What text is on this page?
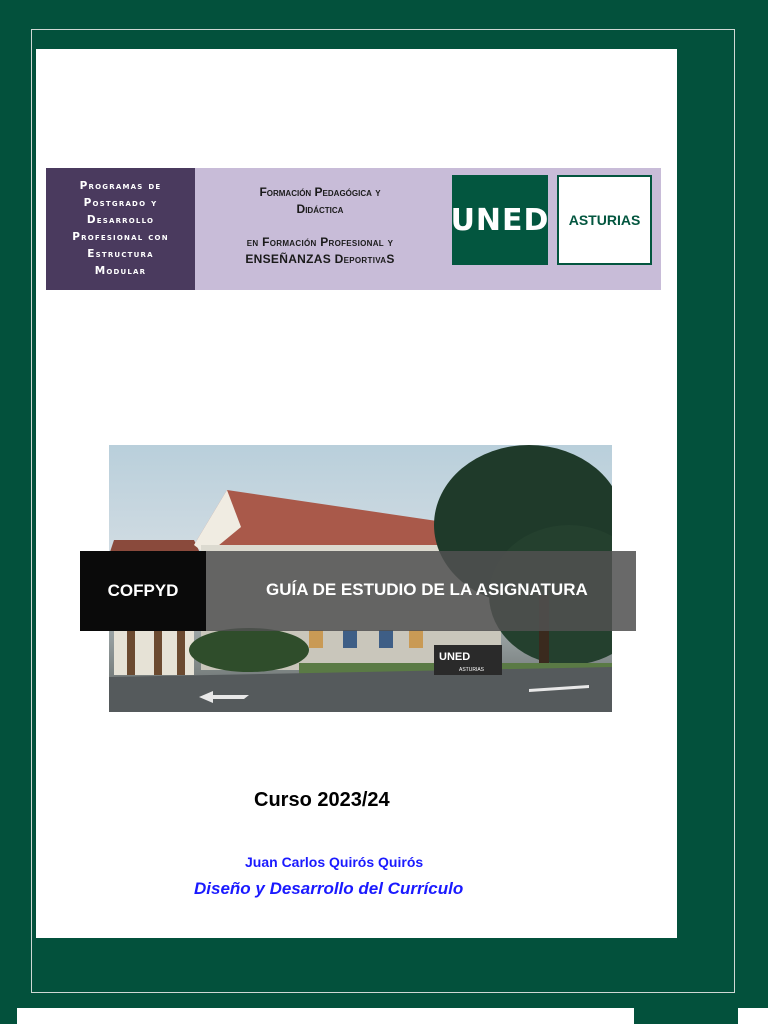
Programas de
Postgrado y
Desarrollo
Profesional con
Estructura
Modular
Formación Pedagógica y
Didáctica
en Formación Profesional y
ENSEÑANZAS DeportivaS
UNED	ASTURIAS
UNED
ASTURIAS
COFPYD	GUÍA DE ESTUDIO DE LA ASIGNATURA
Curso 2023/24
Juan Carlos Quirós Quirós
Diseño y Desarrollo del Currículo
